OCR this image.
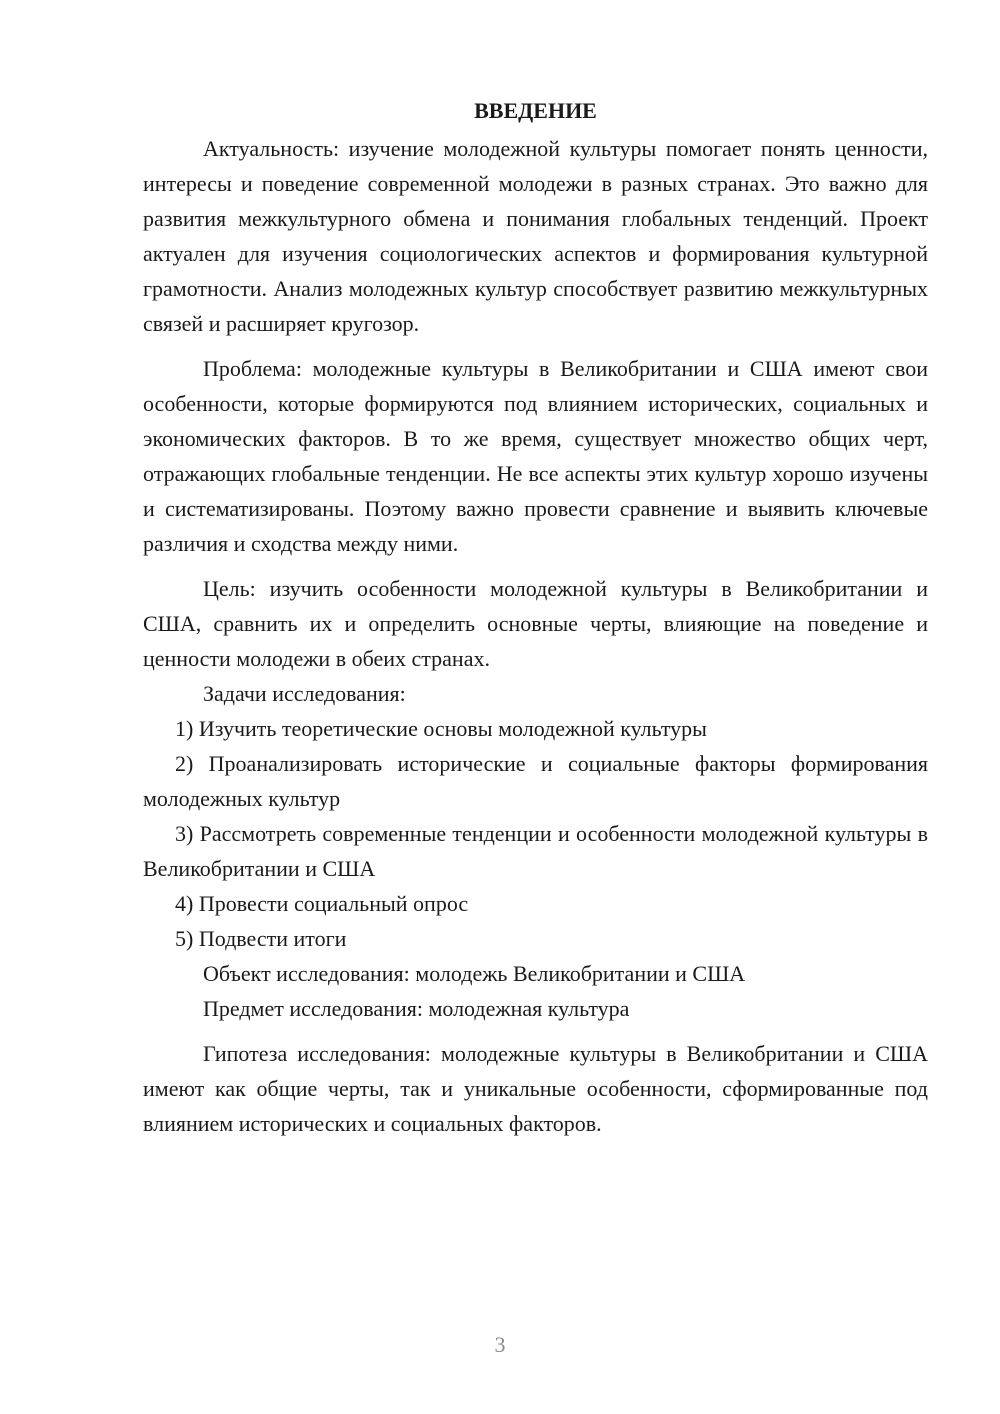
ВВЕДЕНИЕ

Актуальность: изучение молодежной культуры помогает понять ценности, интересы и поведение современной молодежи в разных странах. Это важно для развития межкультурного обмена и понимания глобальных тенденций. Проект актуален для изучения социологических аспектов и формирования культурной грамотности. Анализ молодежных культур способствует развитию межкультурных связей и расширяет кругозор.

Проблема: молодежные культуры в Великобритании и США имеют свои особенности, которые формируются под влиянием исторических, социальных и экономических факторов. В то же время, существует множество общих черт, отражающих глобальные тенденции. Не все аспекты этих культур хорошо изучены и систематизированы. Поэтому важно провести сравнение и выявить ключевые различия и сходства между ними.

Цель: изучить особенности молодежной культуры в Великобритании и США, сравнить их и определить основные черты, влияющие на поведение и ценности молодежи в обеих странах.

Задачи исследования:

1) Изучить теоретические основы молодежной культуры

2) Проанализировать исторические и социальные факторы формирования молодежных культур

3) Рассмотреть современные тенденции и особенности молодежной культуры в Великобритании и США

4) Провести социальный опрос

5) Подвести итоги

Объект исследования: молодежь Великобритании и США

Предмет исследования: молодежная культура

Гипотеза исследования: молодежные культуры в Великобритании и США имеют как общие черты, так и уникальные особенности, сформированные под влиянием исторических и социальных факторов.

3
